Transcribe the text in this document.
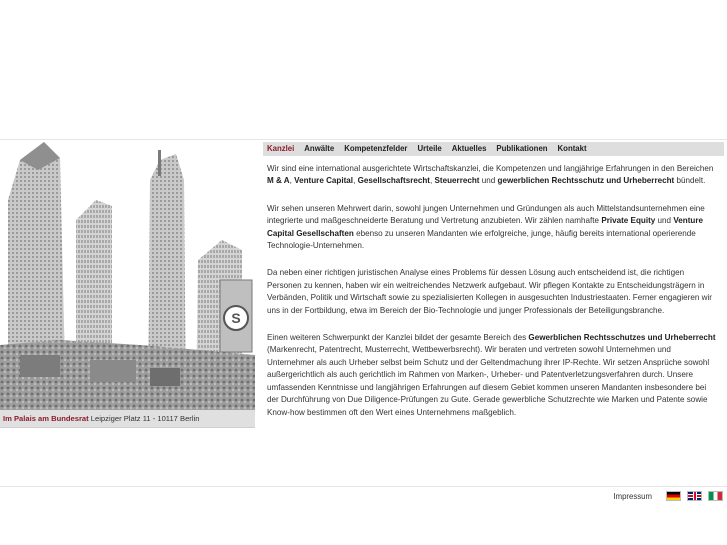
S
Im Palais am Bundesrat Leipziger Platz 11 - 10117 Berlin
Kanzlei	Anwälte	Kompetenzfelder	Urteile	Aktuelles	Publikationen	Kontakt

Wir sind eine international ausgerichtete Wirtschaftskanzlei, die Kompetenzen und langjährige Erfahrungen in den Bereichen M & A, Venture Capital, Gesellschaftsrecht, Steuerrecht und gewerblichen Rechtsschutz und Urheberrecht bündelt.

Wir sehen unseren Mehrwert darin, sowohl jungen Unternehmen und Gründungen als auch Mittelstandsunternehmen eine integrierte und maßgeschneiderte Beratung und Vertretung anzubieten. Wir zählen namhafte Private Equity und Venture Capital Gesellschaften ebenso zu unseren Mandanten wie erfolgreiche, junge, häufig bereits international operierende Technologie-Unternehmen.

Da neben einer richtigen juristischen Analyse eines Problems für dessen Lösung auch entscheidend ist, die richtigen Personen zu kennen, haben wir ein weitreichendes Netzwerk aufgebaut. Wir pflegen Kontakte zu Entscheidungsträgern in Verbänden, Politik und Wirtschaft sowie zu spezialisierten Kollegen in ausgesuchten Industriestaaten. Ferner engagieren wir uns in der Fortbildung, etwa im Bereich der Bio-Technologie und junger Professionals der Beteiligungsbranche.

Einen weiteren Schwerpunkt der Kanzlei bildet der gesamte Bereich des Gewerblichen Rechtsschutzes und Urheberrecht (Markenrecht, Patentrecht, Musterrecht, Wettbewerbsrecht). Wir beraten und vertreten sowohl Unternehmen und Unternehmer als auch Urheber selbst beim Schutz und der Geltendmachung ihrer IP-Rechte. Wir setzen Ansprüche sowohl außergerichtlich als auch gerichtlich im Rahmen von Marken-, Urheber- und Patentverletzungsverfahren durch. Unsere umfassenden Kenntnisse und langjährigen Erfahrungen auf diesem Gebiet kommen unseren Mandanten insbesondere bei der Durchführung von Due Diligence-Prüfungen zu Gute. Gerade gewerbliche Schutzrechte wie Marken und Patente sowie Know-how bestimmen oft den Wert eines Unternehmens maßgeblich.

Impressum
